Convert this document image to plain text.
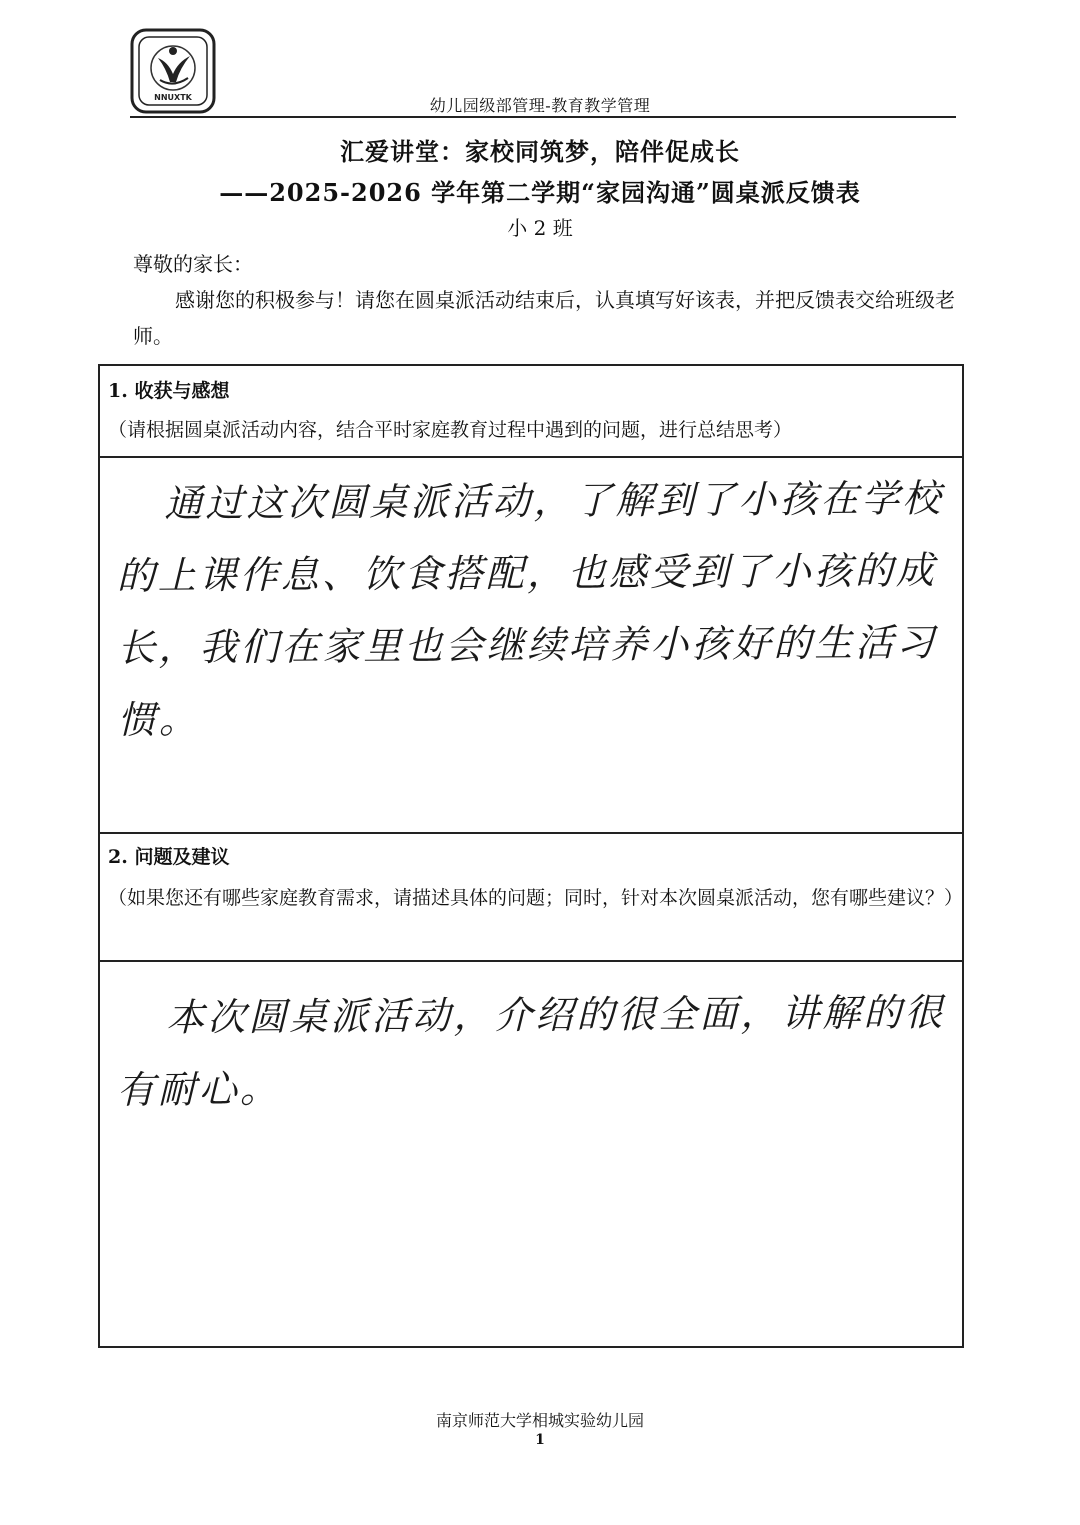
NNUXTK	幼儿园级部管理-教育教学管理
汇爱讲堂：家校同筑梦，陪伴促成长
——2025-2026 学年第二学期“家园沟通”圆桌派反馈表
小 2 班
尊敬的家长：
感谢您的积极参与！请您在圆桌派活动结束后，认真填写好该表，并把反馈表交给班级老师。
1. 收获与感想
（请根据圆桌派活动内容，结合平时家庭教育过程中遇到的问题，进行总结思考）
通过这次圆桌派活动，了解到了小孩在学校的上课作息、饮食搭配，也感受到了小孩的成长，我们在家里也会继续培养小孩好的生活习惯。
2. 问题及建议
（如果您还有哪些家庭教育需求，请描述具体的问题；同时，针对本次圆桌派活动，您有哪些建议？）
本次圆桌派活动，介绍的很全面，讲解的很有耐心。
南京师范大学相城实验幼儿园
1
